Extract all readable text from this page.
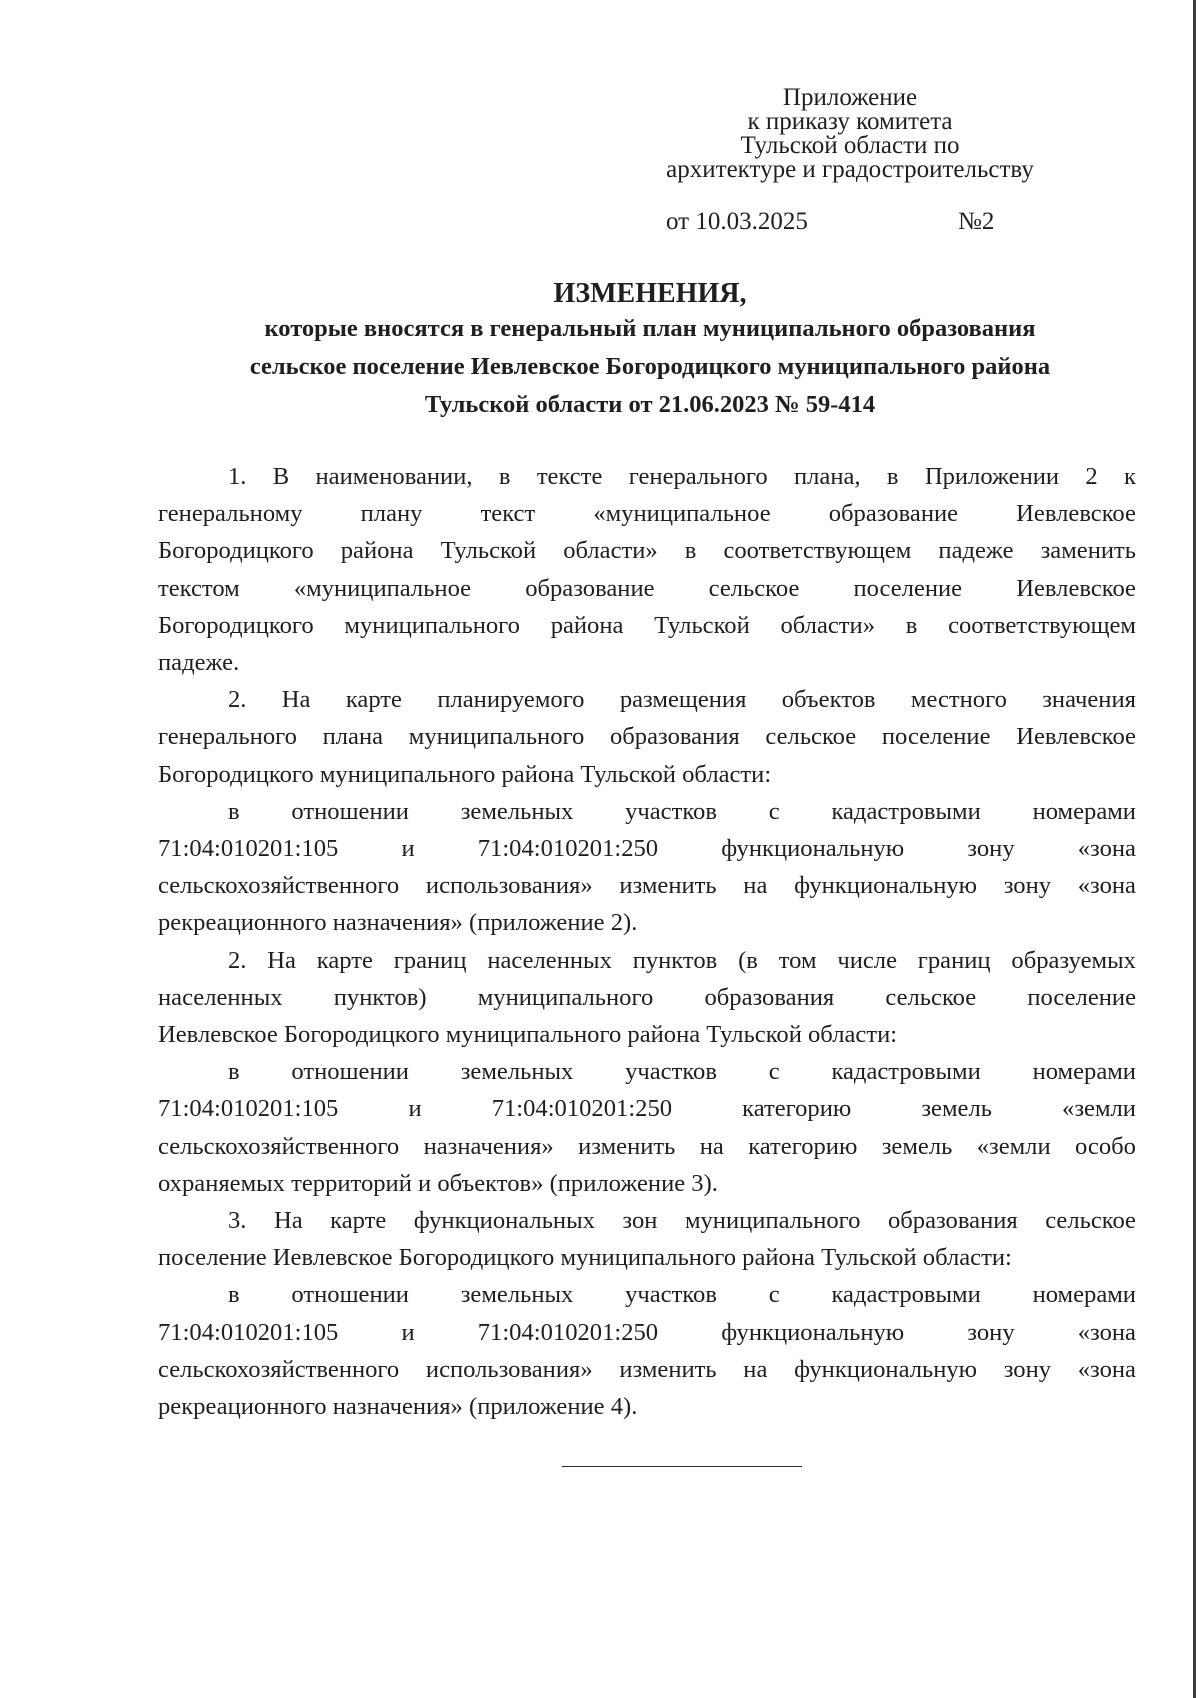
Приложение
к приказу комитета
Тульской области по
архитектуре и градостроительству
от 10.03.2025	№2
ИЗМЕНЕНИЯ,
которые вносятся в генеральный план муниципального образования
сельское поселение Иевлевское Богородицкого муниципального района
Тульской области от 21.06.2023 № 59-414
1. В наименовании, в тексте генерального плана, в Приложении 2 к
генеральному плану текст «муниципальное образование Иевлевское
Богородицкого района Тульской области» в соответствующем падеже заменить
текстом «муниципальное образование сельское поселение Иевлевское
Богородицкого муниципального района Тульской области» в соответствующем
падеже.
2. На карте планируемого размещения объектов местного значения
генерального плана муниципального образования сельское поселение Иевлевское
Богородицкого муниципального района Тульской области:
в отношении земельных участков с кадастровыми номерами
71:04:010201:105	и	71:04:010201:250	функциональную	зону	«зона
сельскохозяйственного использования» изменить на функциональную зону «зона
рекреационного назначения» (приложение 2).
2. На карте границ населенных пунктов (в том числе границ образуемых
населенных пунктов) муниципального образования сельское поселение
Иевлевское Богородицкого муниципального района Тульской области:
в отношении земельных участков с кадастровыми номерами
71:04:010201:105	и	71:04:010201:250	категорию	земель	«земли
сельскохозяйственного назначения» изменить на категорию земель «земли особо
охраняемых территорий и объектов» (приложение 3).
3. На карте функциональных зон муниципального образования сельское
поселение Иевлевское Богородицкого муниципального района Тульской области:
в отношении земельных участков с кадастровыми номерами
71:04:010201:105	и	71:04:010201:250	функциональную	зону	«зона
сельскохозяйственного использования» изменить на функциональную зону «зона
рекреационного назначения» (приложение 4).
